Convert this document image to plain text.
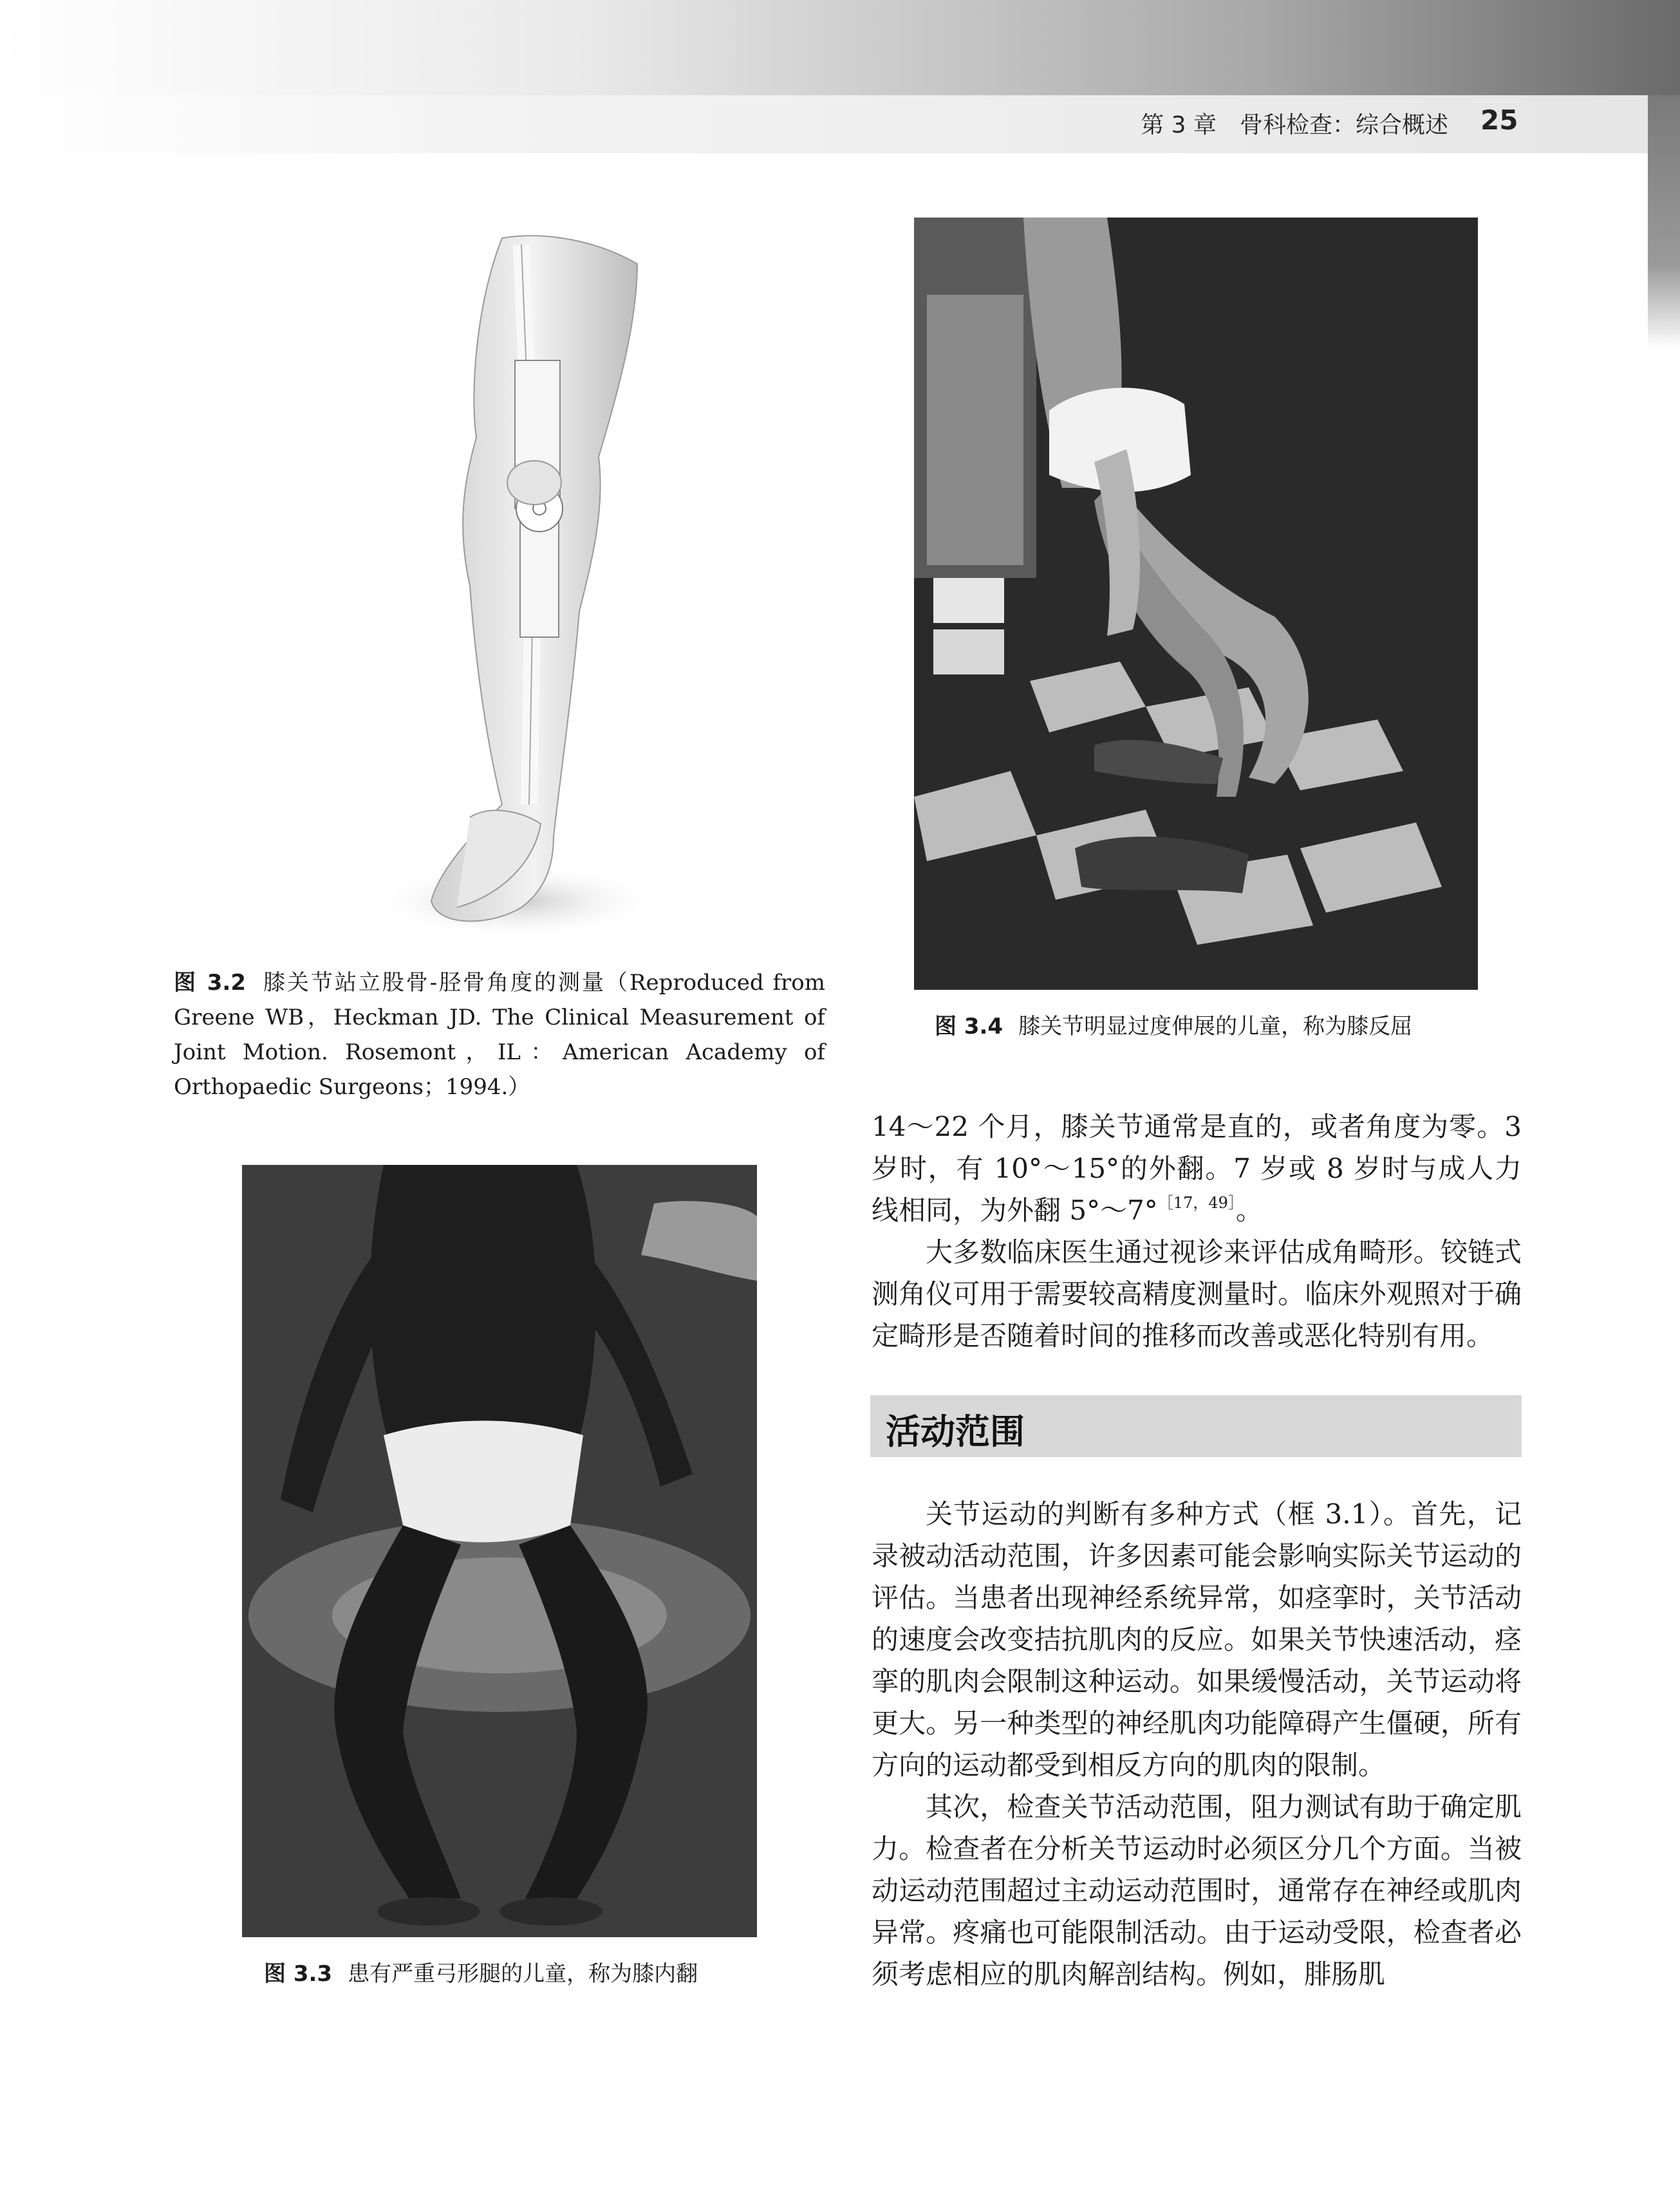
第 3 章　骨科检查：综合概述 25
图 3.2 膝关节站立股骨-胫骨角度的测量（Reproduced from Greene WB，Heckman JD. The Clinical Measurement of Joint Motion. Rosemont，IL：American Academy of Orthopaedic Surgeons；1994.）
图 3.4 膝关节明显过度伸展的儿童，称为膝反屈
图 3.3 患有严重弓形腿的儿童，称为膝内翻

14～22 个月，膝关节通常是直的，或者角度为零。3 岁时，有 10°～15°的外翻。7 岁或 8 岁时与成人力线相同，为外翻 5°～7°$^{[17,49]}$。

大多数临床医生通过视诊来评估成角畸形。铰链式测角仪可用于需要较高精度测量时。临床外观照对于确定畸形是否随着时间的推移而改善或恶化特别有用。

活动范围

关节运动的判断有多种方式（框 3.1）。首先，记录被动活动范围，许多因素可能会影响实际关节运动的评估。当患者出现神经系统异常，如痉挛时，关节活动的速度会改变拮抗肌肉的反应。如果关节快速活动，痉挛的肌肉会限制这种运动。如果缓慢活动，关节运动将更大。另一种类型的神经肌肉功能障碍产生僵硬，所有方向的运动都受到相反方向的肌肉的限制。

其次，检查关节活动范围，阻力测试有助于确定肌力。检查者在分析关节运动时必须区分几个方面。当被动运动范围超过主动运动范围时，通常存在神经或肌肉异常。疼痛也可能限制活动。由于运动受限，检查者必须考虑相应的肌肉解剖结构。例如，腓肠肌
